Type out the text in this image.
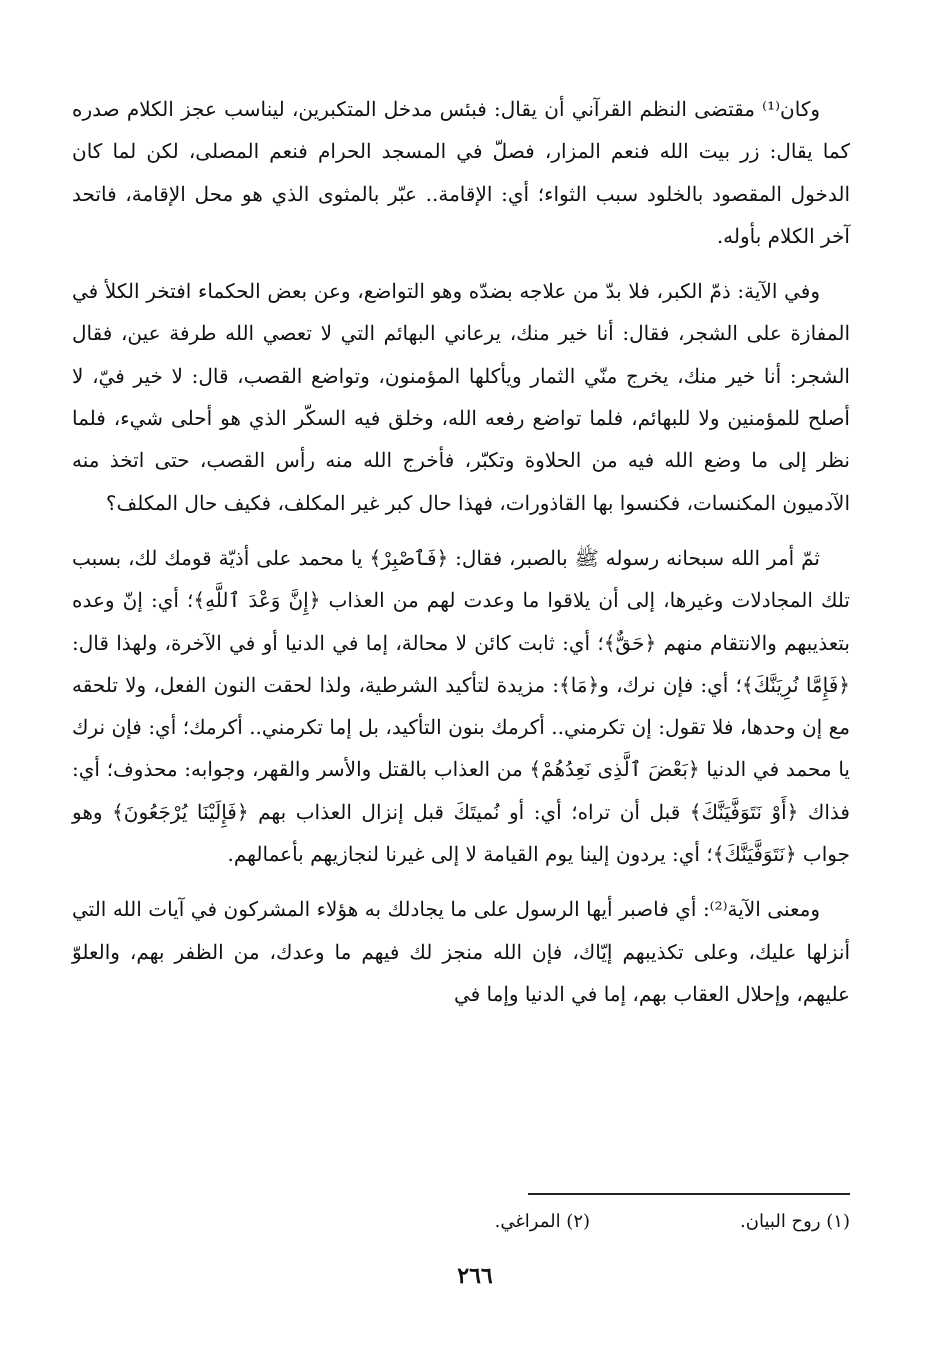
وكان⁽¹⁾ مقتضى النظم القرآني أن يقال: فبئس مدخل المتكبرين، ليناسب عجز الكلام صدره كما يقال: زر بيت الله فنعم المزار، فصلّ في المسجد الحرام فنعم المصلى، لكن لما كان الدخول المقصود بالخلود سبب الثواء؛ أي: الإقامة.. عبّر بالمثوى الذي هو محل الإقامة، فاتحد آخر الكلام بأوله.

وفي الآية: ذمّ الكبر، فلا بدّ من علاجه بضدّه وهو التواضع، وعن بعض الحكماء افتخر الكلأ في المفازة على الشجر، فقال: أنا خير منك، يرعاني البهائم التي لا تعصي الله طرفة عين، فقال الشجر: أنا خير منك، يخرج منّي الثمار ويأكلها المؤمنون، وتواضع القصب، قال: لا خير فيّ، لا أصلح للمؤمنين ولا للبهائم، فلما تواضع رفعه الله، وخلق فيه السكّر الذي هو أحلى شيء، فلما نظر إلى ما وضع الله فيه من الحلاوة وتكبّر، فأخرج الله منه رأس القصب، حتى اتخذ منه الآدميون المكنسات، فكنسوا بها القاذورات، فهذا حال كبر غير المكلف، فكيف حال المكلف؟

ثمّ أمر الله سبحانه رسوله ﷺ بالصبر، فقال: ﴿فَٱصْبِرْ﴾ يا محمد على أذيّة قومك لك، بسبب تلك المجادلات وغيرها، إلى أن يلاقوا ما وعدت لهم من العذاب ﴿إِنَّ وَعْدَ ٱللَّهِ﴾؛ أي: إنّ وعده بتعذيبهم والانتقام منهم ﴿حَقٌّ﴾؛ أي: ثابت كائن لا محالة، إما في الدنيا أو في الآخرة، ولهذا قال: ﴿فَإِمَّا نُرِيَنَّكَ﴾؛ أي: فإن نرك، و﴿مَا﴾: مزيدة لتأكيد الشرطية، ولذا لحقت النون الفعل، ولا تلحقه مع إن وحدها، فلا تقول: إن تكرمني.. أكرمك بنون التأكيد، بل إما تكرمني.. أكرمك؛ أي: فإن نرك يا محمد في الدنيا ﴿بَعْضَ ٱلَّذِى نَعِدُهُمْ﴾ من العذاب بالقتل والأسر والقهر، وجوابه: محذوف؛ أي: فذاك ﴿أَوْ نَتَوَفَّيَنَّكَ﴾ قبل أن تراه؛ أي: أو نُميتَكَ قبل إنزال العذاب بهم ﴿فَإِلَيْنَا يُرْجَعُونَ﴾ وهو جواب ﴿نَتَوَفَّيَنَّكَ﴾؛ أي: يردون إلينا يوم القيامة لا إلى غيرنا لنجازيهم بأعمالهم.

ومعنى الآية⁽²⁾: أي فاصبر أيها الرسول على ما يجادلك به هؤلاء المشركون في آيات الله التي أنزلها عليك، وعلى تكذيبهم إيّاك، فإن الله منجز لك فيهم ما وعدك، من الظفر بهم، والعلوّ عليهم، وإحلال العقاب بهم، إما في الدنيا وإما في

(١) روح البيان.(٢) المراغي.
٢٦٦
